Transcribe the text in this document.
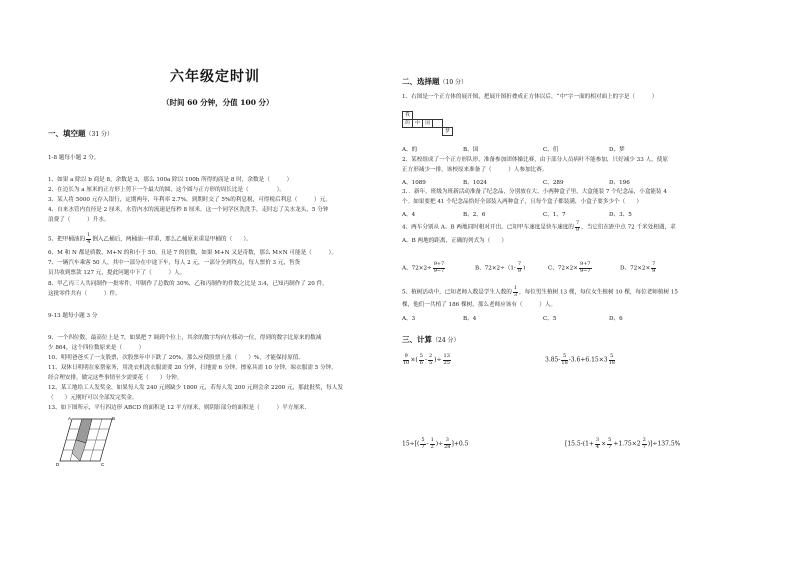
六年级定时训
（时间 60 分钟，分值 100 分）
一、填空题（31 分）
1-8 题每小题 2 分。
1、如果 a 除以 b 商是 8，余数是 3，那么 100a 除以 100b 所得的商是 8 时，余数是（　　　）
2、在边长为 a 厘米的正方形上剪下一个最大的圆，这个圆与正方形的周长比是（　　　　　）。
3、某人将 5000 元存入银行，定期两年，年利率 2.7%，到期时交了 5%的利息税，可得税后利息（　　　）元。
4、自来水管内直径是 2 厘米，水管内水的流速是每秒 8 厘米。这一个同学区洗洗手，走时忘了关水龙头，5 分钟
浪费了（　　　）升水。
5、把甲桶油的 $\frac{1}{4}$ 倒入乙桶后，两桶油一样重，那么乙桶原来重是甲桶的（　　）。
6、M 和 N 都是质数，M+N 的和小于 50，且是 7 的倍数，如果 M+N 又是奇数，那么 M×N 可能是（　　　）。
7、一辆汽车乘客 50 人，其中一部分在中途下车，每人 2 元，一部分全到终点，每人票价 3 元，售货
员共收到票款 127 元，提此问题中下了（　　　）人。
8、甲乙丙三人共同制作一批零件，甲制作了总数的 30%，乙和丙制作的件数之比是 3:4，已知丙制作了 20 件，
这批零件共有（　　　）件。
9-13 题每小题 3 分
9、一个四位数，最高位上是 7，如果把 7 调到个位上，其余的数字均向左移动一位，得到的数字比原来的数减
少 864，这个四位数原来是（　　　）
10、明明爸爸买了一支股票，次股票年中下跌了 20%，那么应使股票上涨（　　）%，才能保持原值。
11、双休日明明在家帮家务，用洗衣机洗衣服需要 20 分钟，扫地需 6 分钟，擦家具需 10 分钟，晾衣服需 5 分钟，
经合理安排，做完这些事情至少需要花（　　）分钟。
12、某工地给工人发奖金，如果每人发 240 元则缺少 1800 元，若每人发 200 元则会余 2200 元，那此批奖，每人发
（　　）元刚好可以全部发完奖金。
13、如下图所示，平行四边形 ABCD 的面积是 12 平方厘米，则阴影部分的面积是（　　　）平方厘米.
A	B
C
D
二、选择题（10 分）
1、右图是一个正方体的展开图，把展开图折叠成正方体以后，“中”字一面的相对面上的字是（　　　）
我
的	中	国
梦
A、的	B、国	C、们	D、梦
2、某校组成了一个正方形队形，准备参加团体操比赛，由于部分人员病叶不能参加，只好减少 33 人，使原
正方形减少一排，该校原来准备了（　　　）人参加比赛。
A、1089	B、1024	C、289	D、196
3、．新年，班级为班新活动准备了纪念品，分别放在大、小两种盒子里，大盒能装 7 个纪念品，小盒能装 4
个。如果要把 41 个纪念品恰好全部装入两种盒子，且每个盒子都装满，小盒子要多少个（　　）
A、4	B、2、6	C、1、7	D、3、5
4、两车分别从 A、B 两地同时相对开出，已知甲车速度是快车速度的 $\frac{7}{9}$ ，当它们在距中点 72 千米处相遇，求
A、B 两地的距离，正确的列式为（　　）
A、$72\times 2\div \frac{9+7}{9-7}$	B、$72\times 2\div(1- \frac{7}{9}$ )	C、$72\times 2\times \frac{9+7}{9-7}$	D、$72\times 2\times \frac{7}{9}$
5、植树活动中，已知老师人数是学生人数的 $\frac{1}{3}$ ，每位男生植树 13 棵，每位女生植树 10 棵，每位老师植树 15
棵，他们一共植了 186 棵树，那么老师应该有（　　　）人。
A、3	B、4	C、5	D、6
三、计算（24 分）
$\frac{9}{10}$ ×( $\frac{5}{6} - \frac{2}{5}$ )÷ $\frac{13}{25}$	$3.85- \frac{5}{18} -3.6+6.15\times 3 \frac{5}{18}$
$15\div[( \frac{5}{7} - \frac{1}{2}$ )÷ $\frac{3}{28} ]+0.5$	$[15.5-(1+ \frac{3}{4} \times \frac{5}{7} +1.75\times 2 \frac{2}{7} )]\div 137.5\%$
